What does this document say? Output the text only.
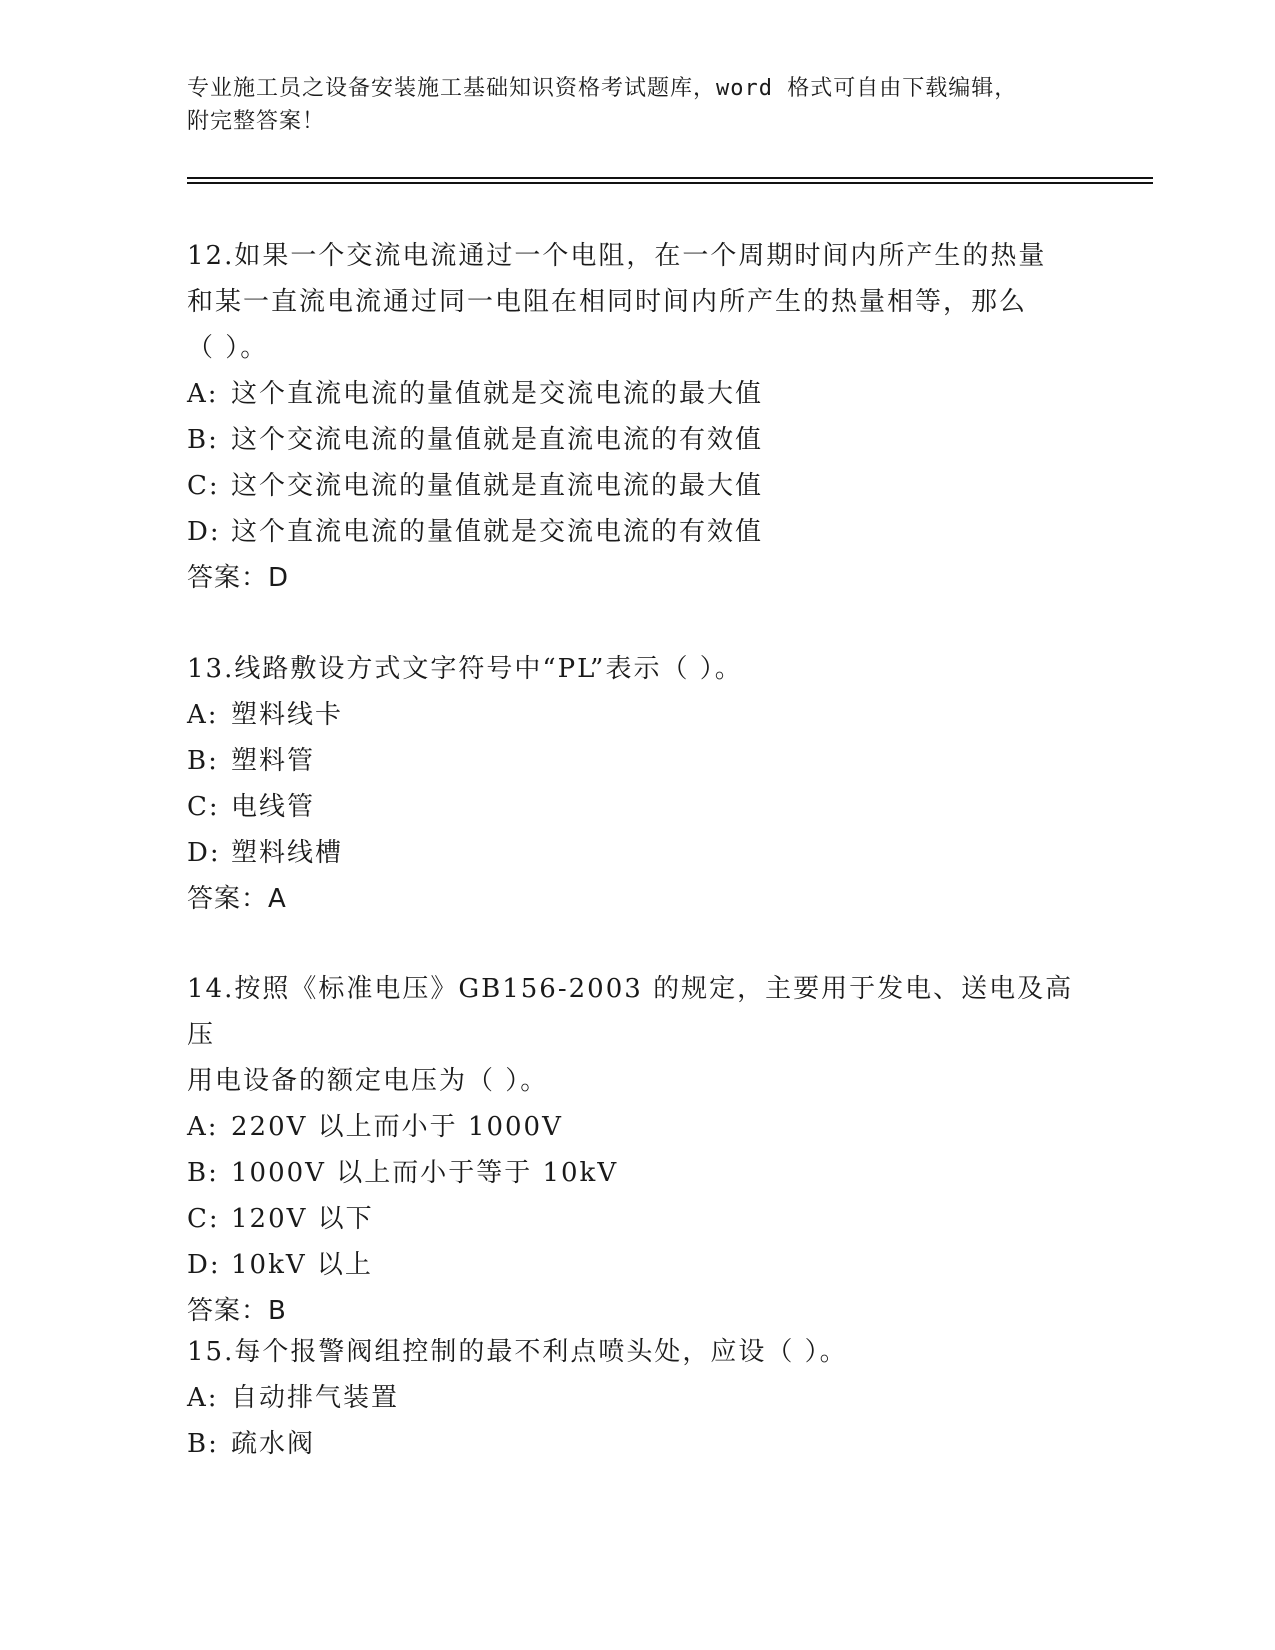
专业施工员之设备安装施工基础知识资格考试题库，word 格式可自由下载编辑，
附完整答案！
12.如果一个交流电流通过一个电阻，在一个周期时间内所产生的热量
和某一直流电流通过同一电阻在相同时间内所产生的热量相等，那么
（ ）。
A: 这个直流电流的量值就是交流电流的最大值
B: 这个交流电流的量值就是直流电流的有效值
C: 这个交流电流的量值就是直流电流的最大值
D: 这个直流电流的量值就是交流电流的有效值
答案：D
13.线路敷设方式文字符号中“PL”表示（ ）。
A: 塑料线卡
B: 塑料管
C: 电线管
D: 塑料线槽
答案：A
14.按照《标准电压》GB156-2003 的规定，主要用于发电、送电及高压
用电设备的额定电压为（ ）。
A: 220V 以上而小于 1000V
B: 1000V 以上而小于等于 10kV
C: 120V 以下
D: 10kV 以上
答案：B
15.每个报警阀组控制的最不利点喷头处，应设（ ）。
A: 自动排气装置
B: 疏水阀
